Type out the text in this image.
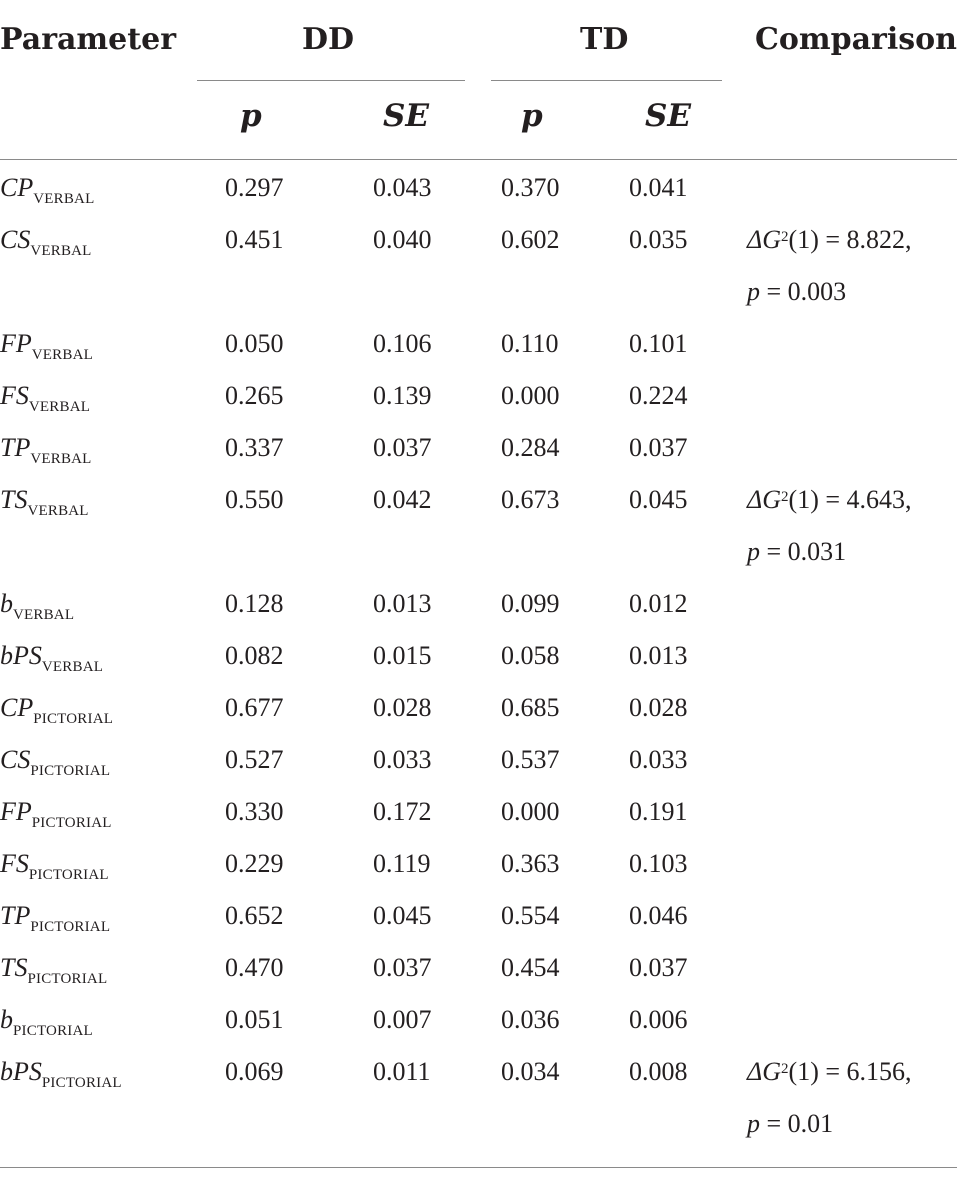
Parameter	DD	TD	Comparison
p	SE	p	SE
$CP_{VERBAL}$	0.297	0.043	0.370	0.041
$CS_{VERBAL}$	0.451	0.040	0.602	0.035 $\Delta G^2(1) = 8.822$,
p = 0.003
$FP_{VERBAL}$	0.050	0.106	0.110	0.101
$FS_{VERBAL}$	0.265	0.139	0.000	0.224
$TP_{VERBAL}$	0.337	0.037	0.284	0.037
$TS_{VERBAL}$	0.550	0.042	0.673	0.045 $\Delta G^2(1) = 4.643$,
p = 0.031
$b_{VERBAL}$	0.128	0.013	0.099	0.012
bPS$_{VERBAL}$	0.082	0.015	0.058	0.013
$CP_{PICTORIAL}$	0.677	0.028	0.685	0.028
$CS_{PICTORIAL}$	0.527	0.033	0.537	0.033
$FP_{PICTORIAL}$	0.330	0.172	0.000	0.191
$FS_{PICTORIAL}$	0.229	0.119	0.363	0.103
$TP_{PICTORIAL}$	0.652	0.045	0.554	0.046
$TS_{PICTORIAL}$	0.470	0.037	0.454	0.037
$b_{PICTORIAL}$	0.051	0.007	0.036	0.006
bPS$_{PICTORIAL}$	0.069	0.011	0.034	0.008 $\Delta G^2(1) = 6.156$,
p = 0.01
